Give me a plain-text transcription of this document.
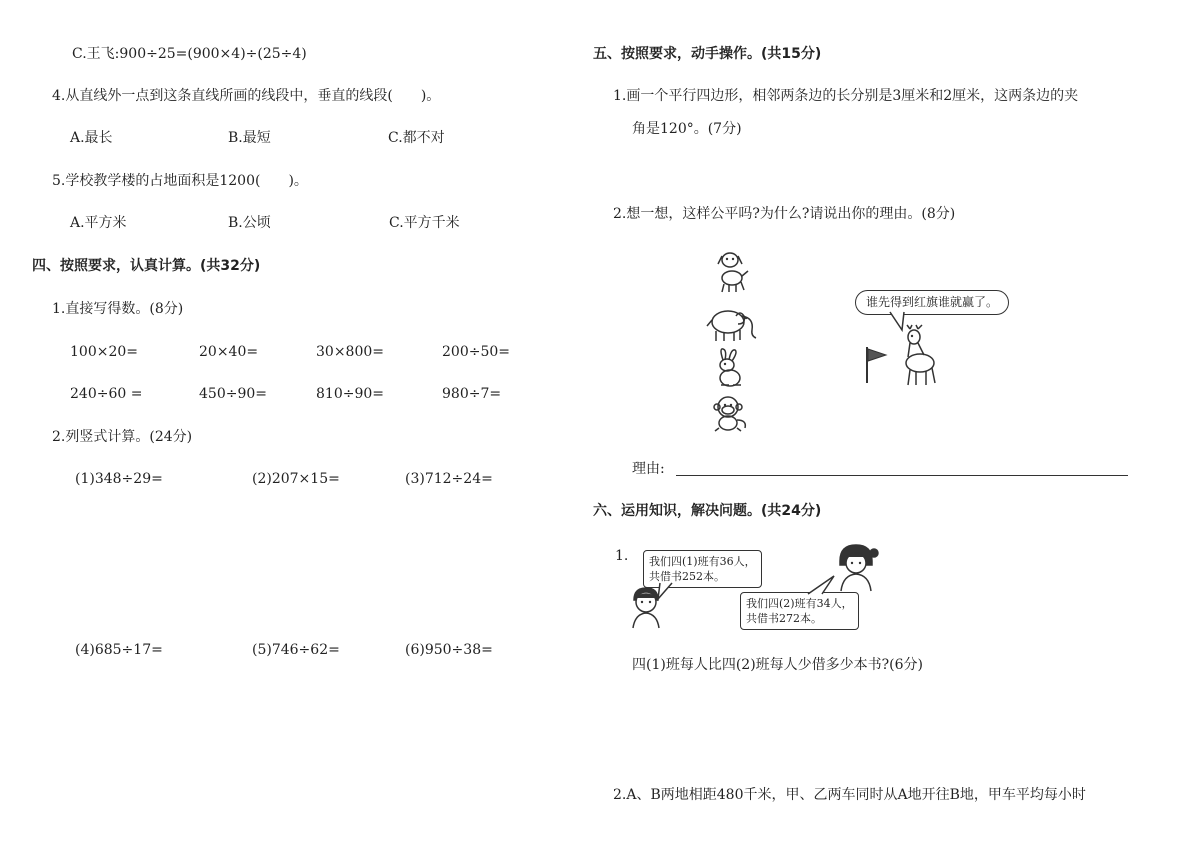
C.王飞:900÷25=(900×4)÷(25÷4)
4.从直线外一点到这条直线所画的线段中，垂直的线段(　　)。
A.最长	B.最短	C.都不对
5.学校教学楼的占地面积是1200(　　)。
A.平方米	B.公顷	C.平方千米
四、按照要求，认真计算。(共32分)
1.直接写得数。(8分)
100×20=	20×40=	30×800=	200÷50=
240÷60 =	450÷90=	810÷90=	980÷7=
2.列竖式计算。(24分)
(1)348÷29=	(2)207×15=	(3)712÷24=
(4)685÷17=	(5)746÷62=	(6)950÷38=
五、按照要求，动手操作。(共15分)
1.画一个平行四边形，相邻两条边的长分别是3厘米和2厘米，这两条边的夹
角是120°。(7分)
2.想一想，这样公平吗?为什么?请说出你的理由。(8分)
谁先得到红旗谁就赢了。
理由:
六、运用知识，解决问题。(共24分)
1. 我们四(1)班有36人，
共借书252本。
我们四(2)班有34人，
共借书272本。
四(1)班每人比四(2)班每人少借多少本书?(6分)
2.A、B两地相距480千米，甲、乙两车同时从A地开往B地，甲车平均每小时
